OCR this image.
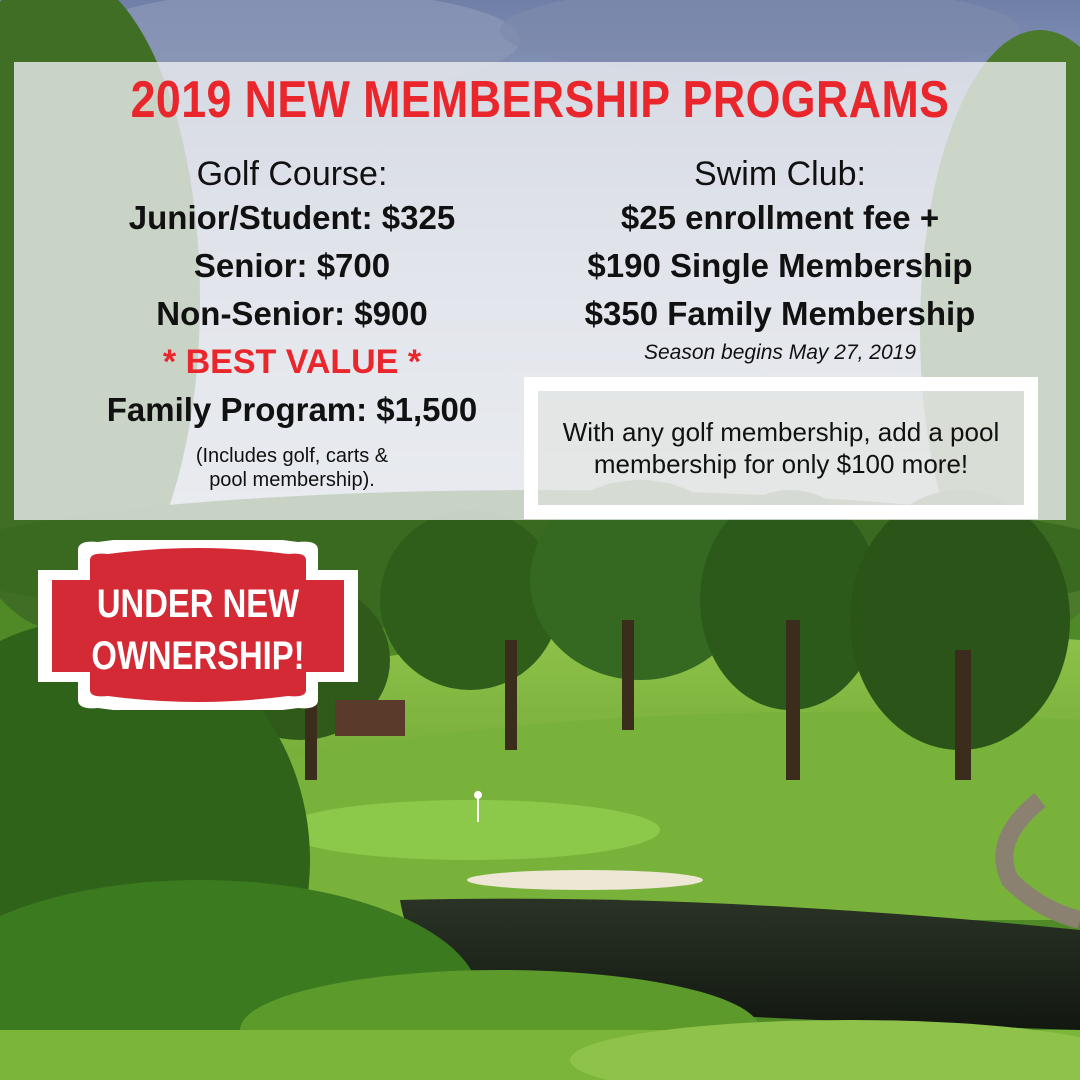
2019 NEW MEMBERSHIP PROGRAMS
Golf Course:
Junior/Student: $325
Senior: $700
Non-Senior: $900
* BEST VALUE *
Family Program: $1,500
(Includes golf, carts &
pool membership).
Swim Club:
$25 enrollment fee +
$190 Single Membership
$350 Family Membership
Season begins May 27, 2019
With any golf membership, add a pool membership for only $100 more!
UNDER NEW
OWNERSHIP!
